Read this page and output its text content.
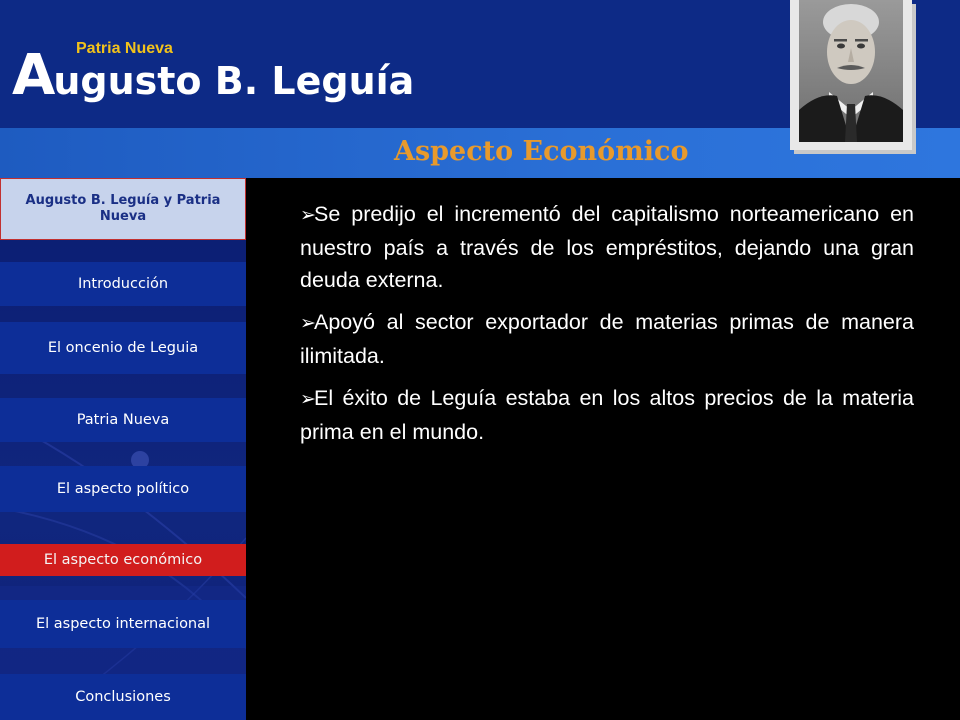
Patria Nueva
Augusto B. Leguía
Aspecto Económico
Augusto B. Leguía y Patria Nueva
Introducción
El oncenio de Leguia
Patria Nueva
El aspecto político
El aspecto económico
El aspecto internacional
Conclusiones

➢Se predijo el incrementó del capitalismo norteamericano en nuestro país a través de los empréstitos, dejando una gran deuda externa.

➢Apoyó al sector exportador de materias primas de manera ilimitada.

➢El éxito de Leguía estaba en los altos precios de la materia prima en el mundo.
